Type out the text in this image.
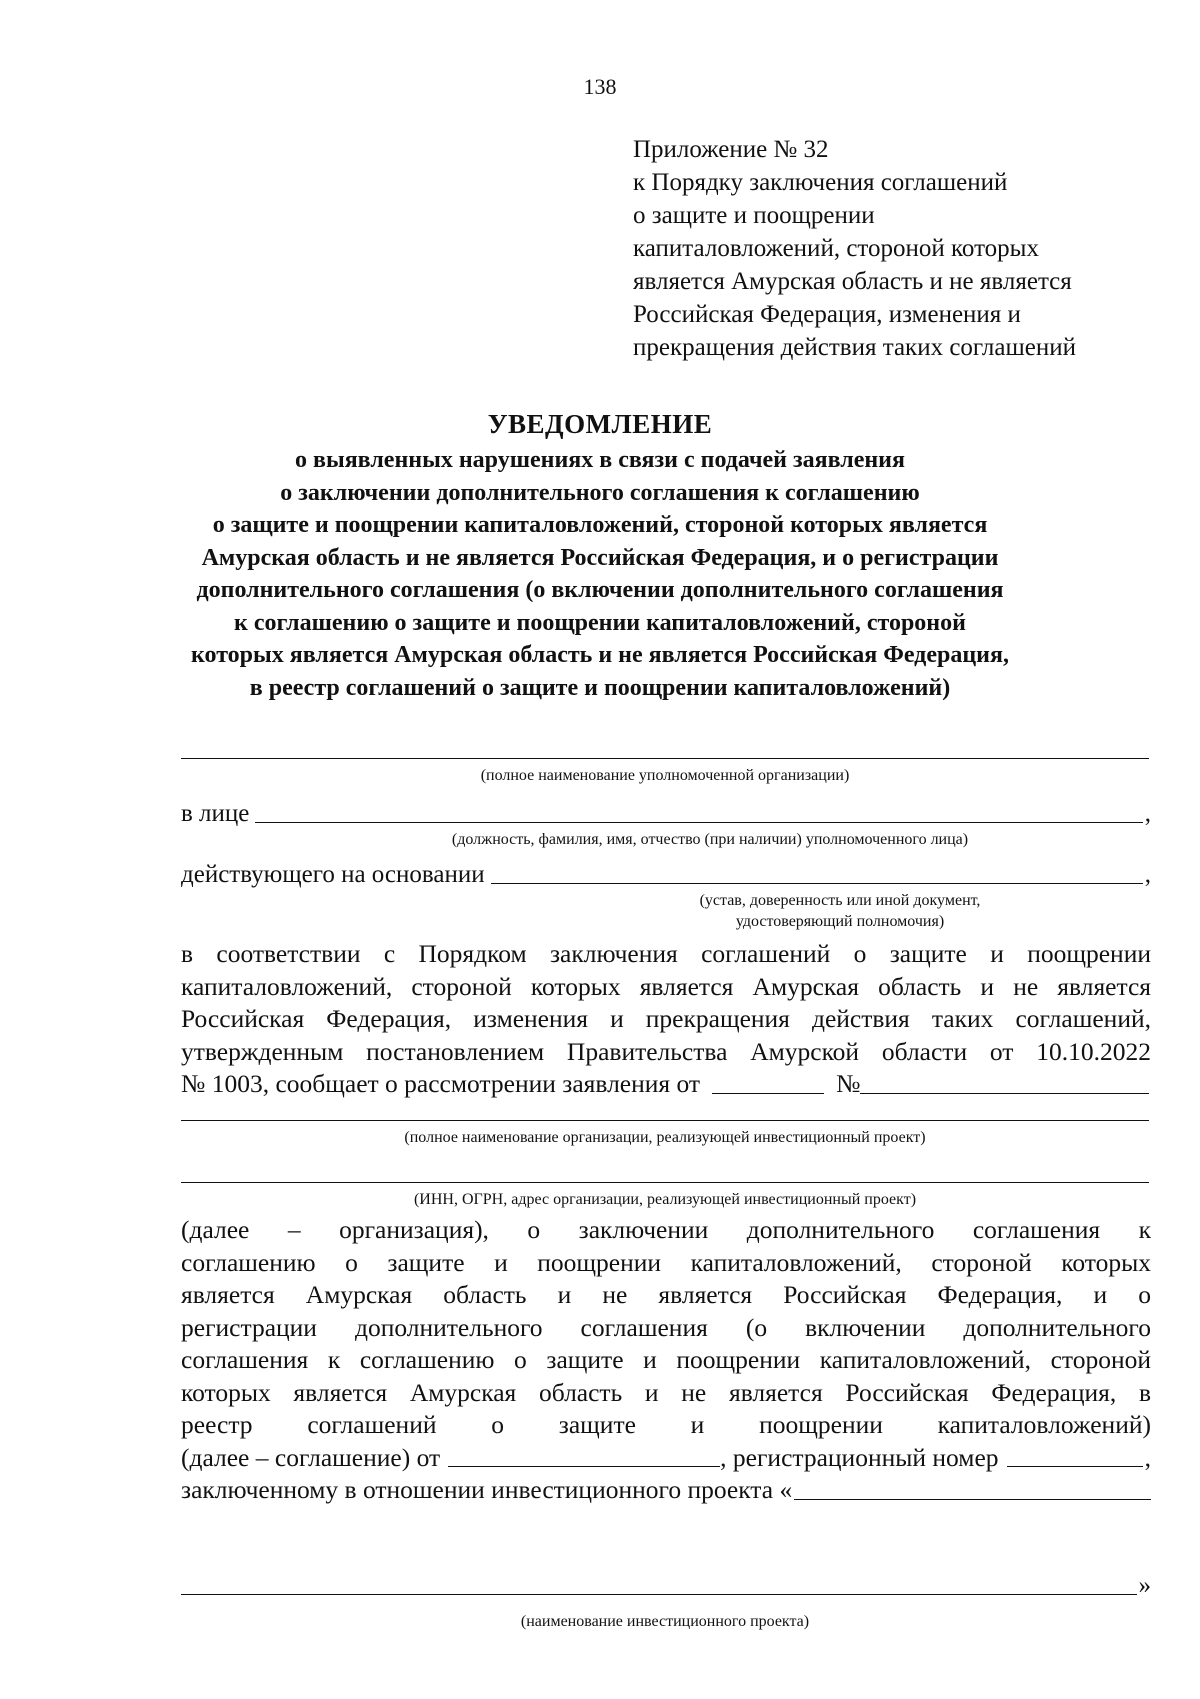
138
Приложение № 32
к Порядку заключения соглашений
о защите и поощрении
капиталовложений, стороной которых
является Амурская область и не является
Российская Федерация, изменения и
прекращения действия таких соглашений
УВЕДОМЛЕНИЕ
о выявленных нарушениях в связи с подачей заявления
о заключении дополнительного соглашения к соглашению
о защите и поощрении капиталовложений, стороной которых является
Амурская область и не является Российская Федерация, и о регистрации
дополнительного соглашения (о включении дополнительного соглашения
к соглашению о защите и поощрении капиталовложений, стороной
которых является Амурская область и не является Российская Федерация,
в реестр соглашений о защите и поощрении капиталовложений)
(полное наименование уполномоченной организации)
в лице	,
(должность, фамилия, имя, отчество (при наличии) уполномоченного лица)
действующего на основании	,
(устав, доверенность или иной документ,
удостоверяющий полномочия)
в соответствии с Порядком заключения соглашений о защите и поощрении
капиталовложений, стороной которых является Амурская область и не является
Российская Федерация, изменения и прекращения действия таких соглашений,
утвержденным постановлением Правительства Амурской области от 10.10.2022
№ 1003, сообщает о рассмотрении заявления от	№
(полное наименование организации, реализующей инвестиционный проект)
(ИНН, ОГРН, адрес организации, реализующей инвестиционный проект)
(далее – организация), о заключении дополнительного соглашения к
соглашению о защите и поощрении капиталовложений, стороной которых
является Амурская область и не является Российская Федерация, и о
регистрации дополнительного соглашения (о включении дополнительного
соглашения к соглашению о защите и поощрении капиталовложений, стороной
которых является Амурская область и не является Российская Федерация, в
реестр соглашений о защите и поощрении капиталовложений)
(далее – соглашение) от	, регистрационный номер	,
заключенному в отношении инвестиционного проекта «
»
(наименование инвестиционного проекта)
